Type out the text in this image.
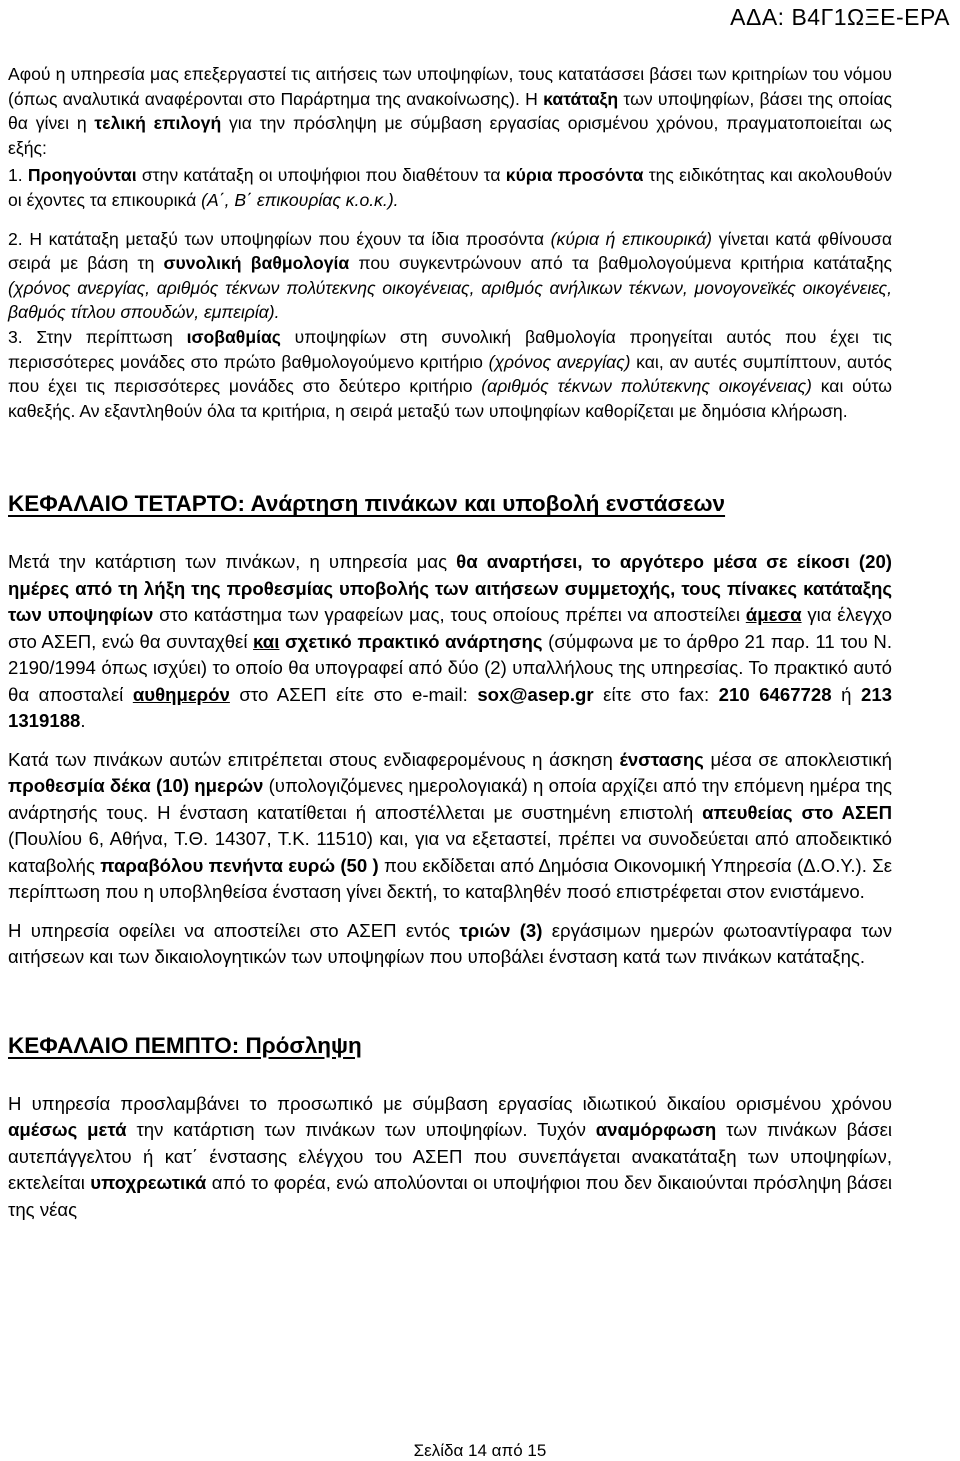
ΑΔΑ: Β4Γ1ΩΞΕ-ΕΡΑ

Αφού η υπηρεσία μας επεξεργαστεί τις αιτήσεις των υποψηφίων, τους κατατάσσει βάσει των κριτηρίων του νόμου (όπως αναλυτικά αναφέρονται στο Παράρτημα της ανακοίνωσης). Η κατάταξη των υποψηφίων, βάσει της οποίας θα γίνει η τελική επιλογή για την πρόσληψη με σύμβαση εργασίας ορισμένου χρόνου, πραγματοποιείται ως εξής:

1. Προηγούνται στην κατάταξη οι υποψήφιοι που διαθέτουν τα κύρια προσόντα της ειδικότητας και ακολουθούν οι έχοντες τα επικουρικά (Α΄, Β΄ επικουρίας κ.ο.κ.).

2. Η κατάταξη μεταξύ των υποψηφίων που έχουν τα ίδια προσόντα (κύρια ή επικουρικά) γίνεται κατά φθίνουσα σειρά με βάση τη συνολική βαθμολογία που συγκεντρώνουν από τα βαθμολογούμενα κριτήρια κατάταξης (χρόνος ανεργίας, αριθμός τέκνων πολύτεκνης οικογένειας, αριθμός ανήλικων τέκνων, μονογονεϊκές οικογένειες, βαθμός τίτλου σπουδών, εμπειρία).

3. Στην περίπτωση ισοβαθμίας υποψηφίων στη συνολική βαθμολογία προηγείται αυτός που έχει τις περισσότερες μονάδες στο πρώτο βαθμολογούμενο κριτήριο (χρόνος ανεργίας) και, αν αυτές συμπίπτουν, αυτός που έχει τις περισσότερες μονάδες στο δεύτερο κριτήριο (αριθμός τέκνων πολύτεκνης οικογένειας) και ούτω καθεξής. Αν εξαντληθούν όλα τα κριτήρια, η σειρά μεταξύ των υποψηφίων καθορίζεται με δημόσια κλήρωση.

ΚΕΦΑΛΑΙΟ ΤΕΤΑΡΤΟ: Ανάρτηση πινάκων και υποβολή ενστάσεων

Μετά την κατάρτιση των πινάκων, η υπηρεσία μας θα αναρτήσει, το αργότερο μέσα σε είκοσι (20) ημέρες από τη λήξη της προθεσμίας υποβολής των αιτήσεων συμμετοχής, τους πίνακες κατάταξης των υποψηφίων στο κατάστημα των γραφείων μας, τους οποίους πρέπει να αποστείλει άμεσα για έλεγχο στο ΑΣΕΠ, ενώ θα συνταχθεί και σχετικό πρακτικό ανάρτησης (σύμφωνα με το άρθρο 21 παρ. 11 του Ν. 2190/1994 όπως ισχύει) το οποίο θα υπογραφεί από δύο (2) υπαλλήλους της υπηρεσίας. Το πρακτικό αυτό θα αποσταλεί αυθημερόν στο ΑΣΕΠ είτε στο e-mail: sox@asep.gr είτε στο fax: 210 6467728 ή 213 1319188.

Κατά των πινάκων αυτών επιτρέπεται στους ενδιαφερομένους η άσκηση ένστασης μέσα σε αποκλειστική προθεσμία δέκα (10) ημερών (υπολογιζόμενες ημερολογιακά) η οποία αρχίζει από την επόμενη ημέρα της ανάρτησής τους. Η ένσταση κατατίθεται ή αποστέλλεται με συστημένη επιστολή απευθείας στο ΑΣΕΠ (Πουλίου 6, Αθήνα, Τ.Θ. 14307, Τ.Κ. 11510) και, για να εξεταστεί, πρέπει να συνοδεύεται από αποδεικτικό καταβολής παραβόλου πενήντα ευρώ (50 ) που εκδίδεται από Δημόσια Οικονομική Υπηρεσία (Δ.Ο.Υ.). Σε περίπτωση που η υποβληθείσα ένσταση γίνει δεκτή, το καταβληθέν ποσό επιστρέφεται στον ενιστάμενο.

Η υπηρεσία οφείλει να αποστείλει στο ΑΣΕΠ εντός τριών (3) εργάσιμων ημερών φωτοαντίγραφα των αιτήσεων και των δικαιολογητικών των υποψηφίων που υποβάλει ένσταση κατά των πινάκων κατάταξης.

ΚΕΦΑΛΑΙΟ ΠΕΜΠΤΟ: Πρόσληψη

Η υπηρεσία προσλαμβάνει το προσωπικό με σύμβαση εργασίας ιδιωτικού δικαίου ορισμένου χρόνου αμέσως μετά την κατάρτιση των πινάκων των υποψηφίων. Τυχόν αναμόρφωση των πινάκων βάσει αυτεπάγγελτου ή κατ΄ ένστασης ελέγχου του ΑΣΕΠ που συνεπάγεται ανακατάταξη των υποψηφίων, εκτελείται υποχρεωτικά από το φορέα, ενώ απολύονται οι υποψήφιοι που δεν δικαιούνται πρόσληψη βάσει της νέας

Σελίδα 14 από 15
